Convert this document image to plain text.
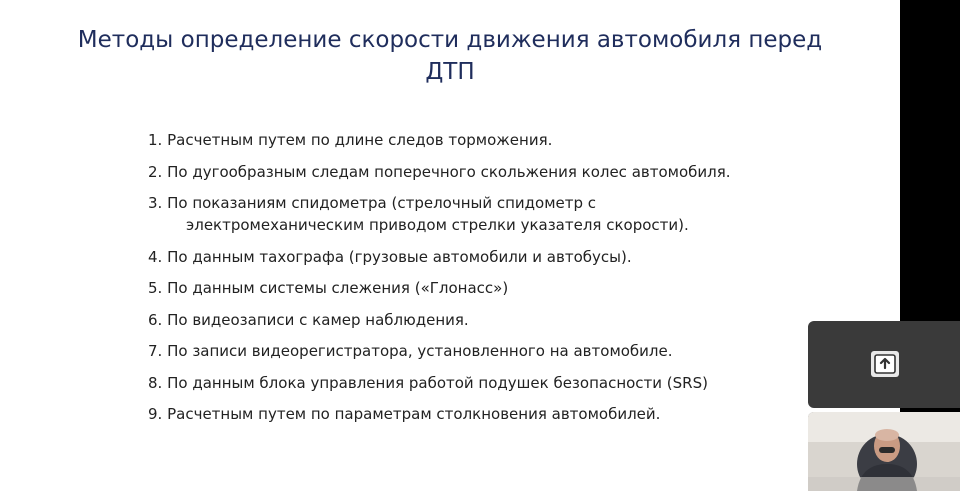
Методы определение скорости движения автомобиля перед
ДТП
1. Расчетным путем по длине следов торможения.
2. По дугообразным следам поперечного скольжения колес автомобиля.
3. По показаниям спидометра (стрелочный спидометр с
электромеханическим приводом стрелки указателя скорости).
4. По данным тахографа (грузовые автомобили и автобусы).
5. По данным системы слежения («Глонасс»)
6. По видеозаписи с камер наблюдения.
7. По записи видеорегистратора, установленного на автомобиле.
8. По данным блока управления работой подушек безопасности (SRS)
9. Расчетным путем по параметрам столкновения автомобилей.
